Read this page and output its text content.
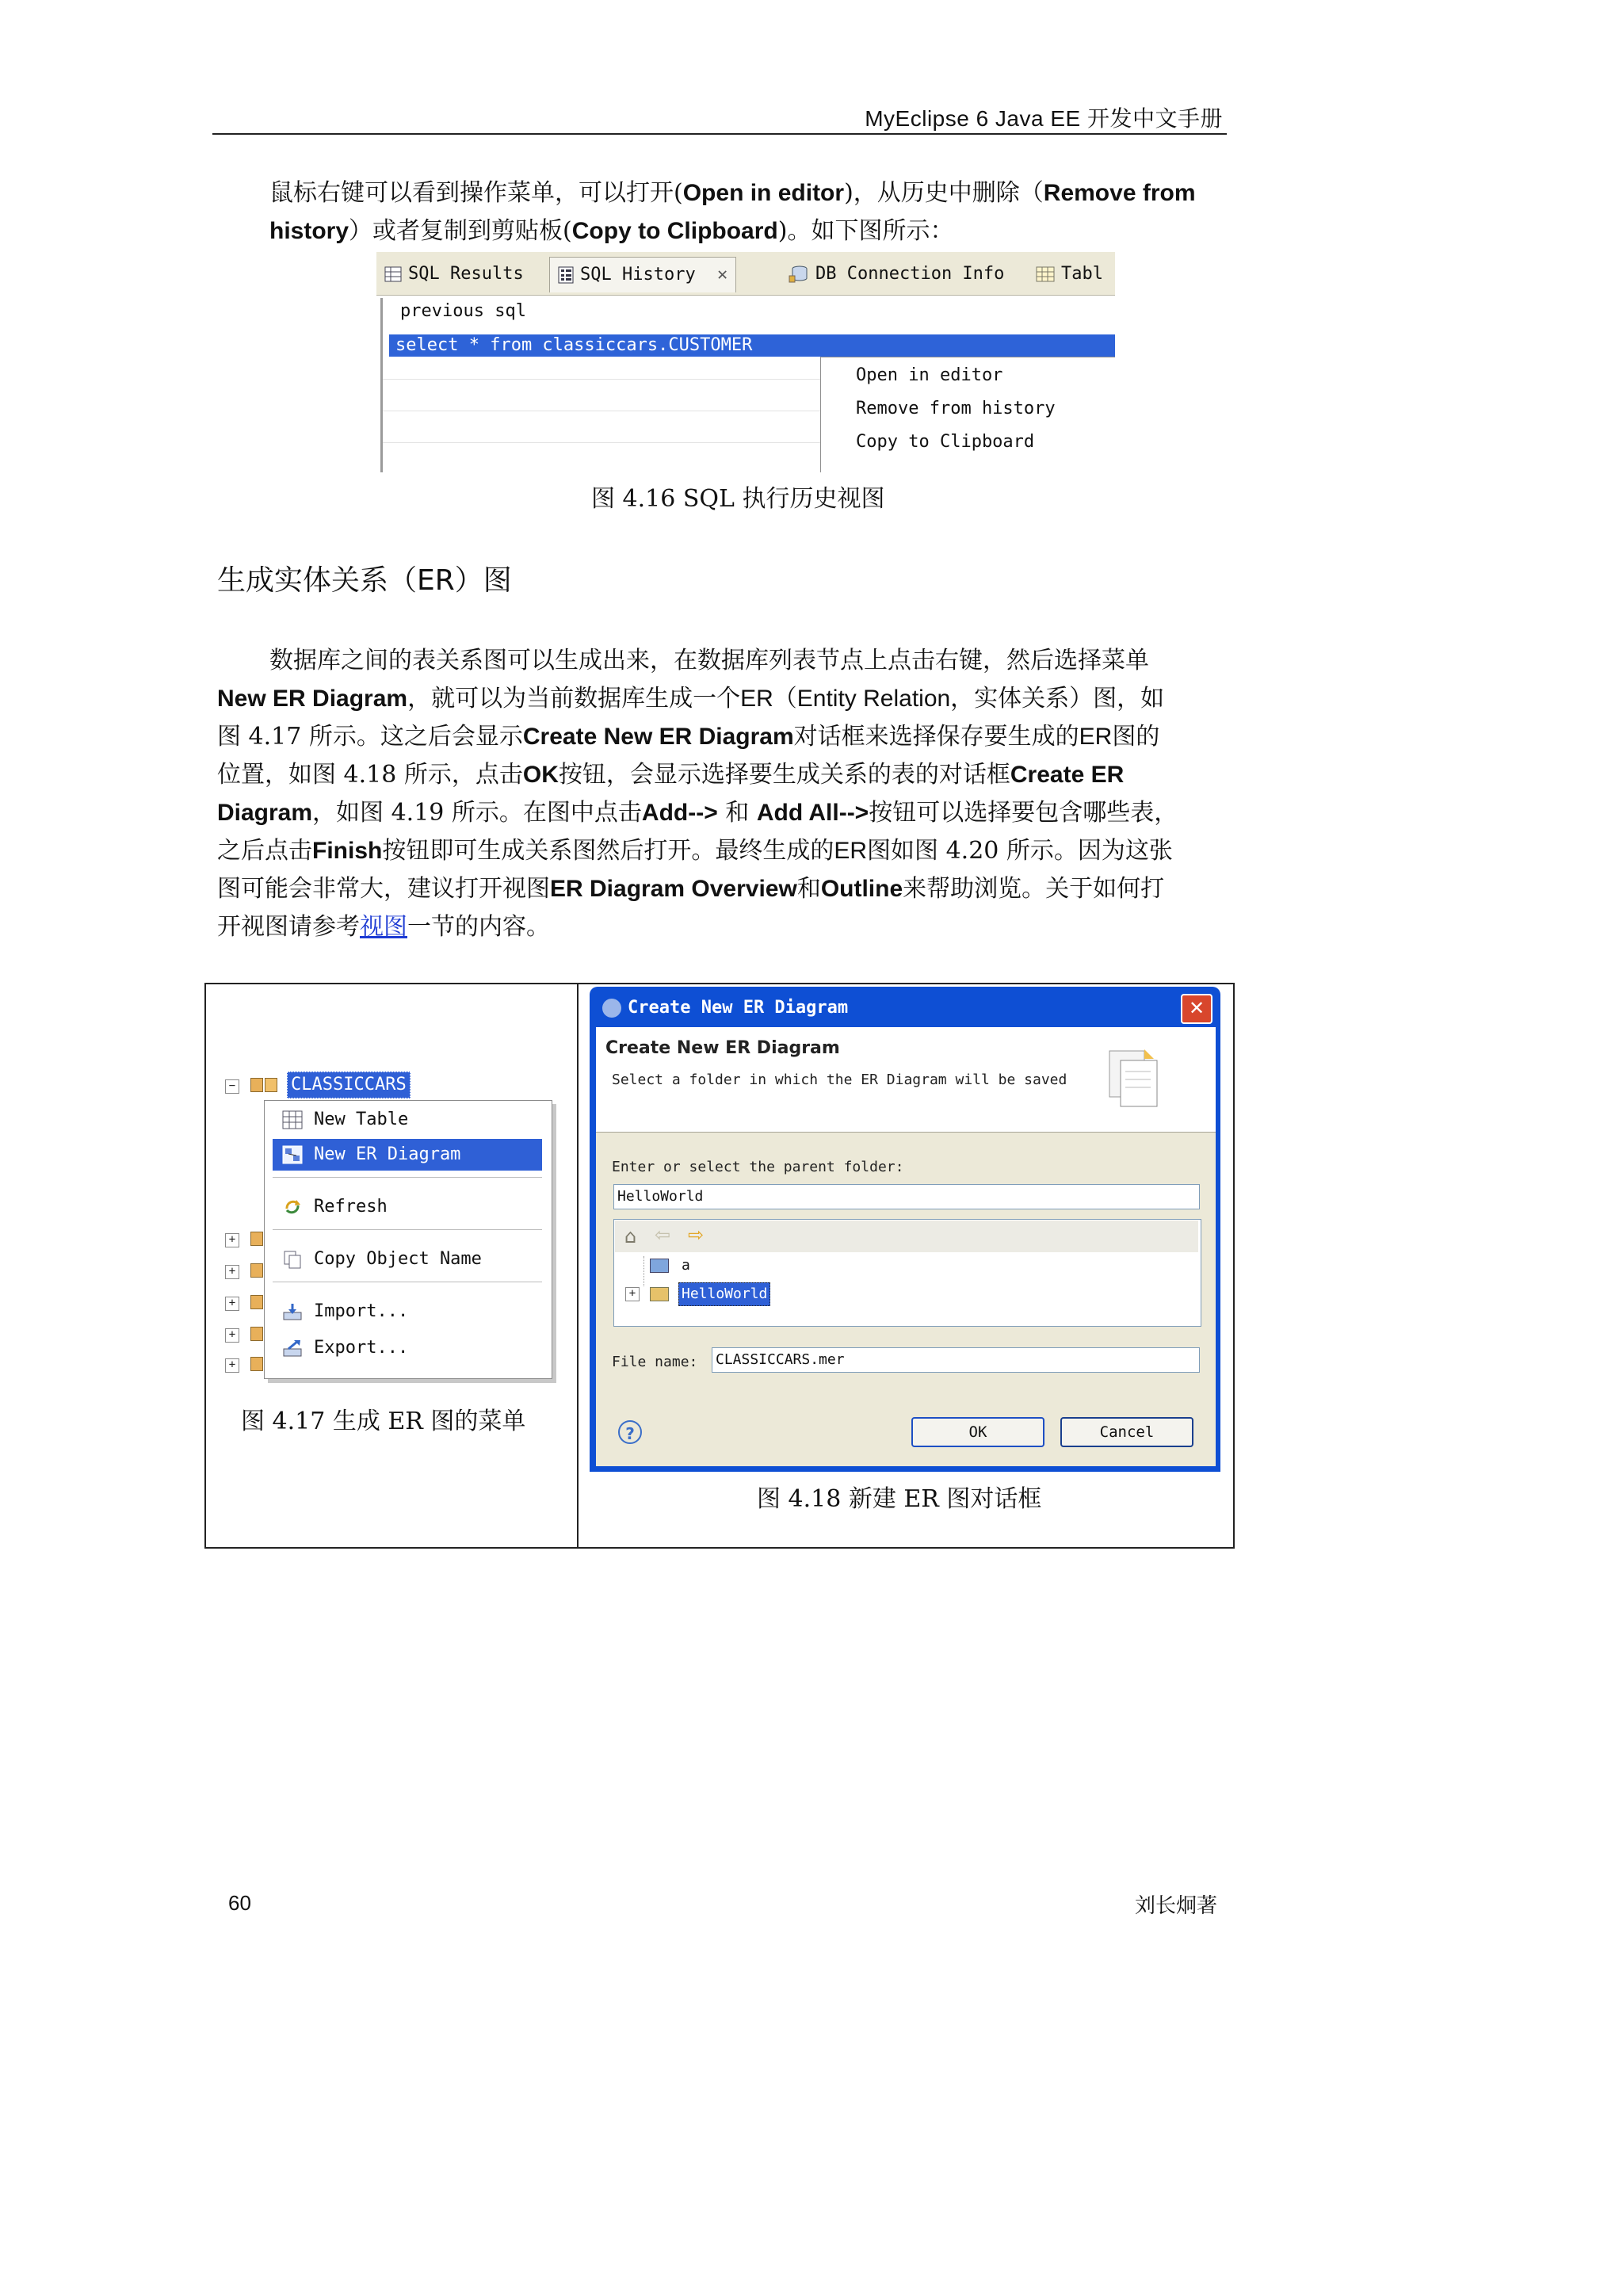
MyEclipse 6 Java EE 开发中文手册
鼠标右键可以看到操作菜单，可以打开(Open in editor)，从历史中删除（Remove from
history）或者复制到剪贴板(Copy to Clipboard)。如下图所示：
SQL Results	SQL History ✕	DB Connection Info	Tabl
previous sql
select * from classiccars.CUSTOMER
Open in editor
Remove from history
Copy to Clipboard
图 4.16 SQL 执行历史视图
生成实体关系（ER）图
数据库之间的表关系图可以生成出来，在数据库列表节点上点击右键，然后选择菜单
New ER Diagram，就可以为当前数据库生成一个ER（Entity Relation，实体关系）图，如
图 4.17 所示。这之后会显示Create New ER Diagram对话框来选择保存要生成的ER图的
位置，如图 4.18 所示，点击OK按钮，会显示选择要生成关系的表的对话框Create ER
Diagram，如图 4.19 所示。在图中点击Add--> 和 Add All-->按钮可以选择要包含哪些表，
之后点击Finish按钮即可生成关系图然后打开。最终生成的ER图如图 4.20 所示。因为这张
图可能会非常大，建议打开视图ER Diagram Overview和Outline来帮助浏览。关于如何打
开视图请参考视图一节的内容。
−
+
+
+
+
+
CLASSICCARS
New Table
New ER Diagram
Refresh
Copy Object Name
Import...
Export...
图 4.17 生成 ER 图的菜单
Create New ER Diagram	✕
Create New ER Diagram
Select a folder in which the ER Diagram will be saved
Enter or select the parent folder:
HelloWorld
⌂ ⇦ ⇨
a
+	HelloWorld
File name: CLASSICCARS.mer
?	OK	Cancel
图 4.18 新建 ER 图对话框
60	刘长炯著
